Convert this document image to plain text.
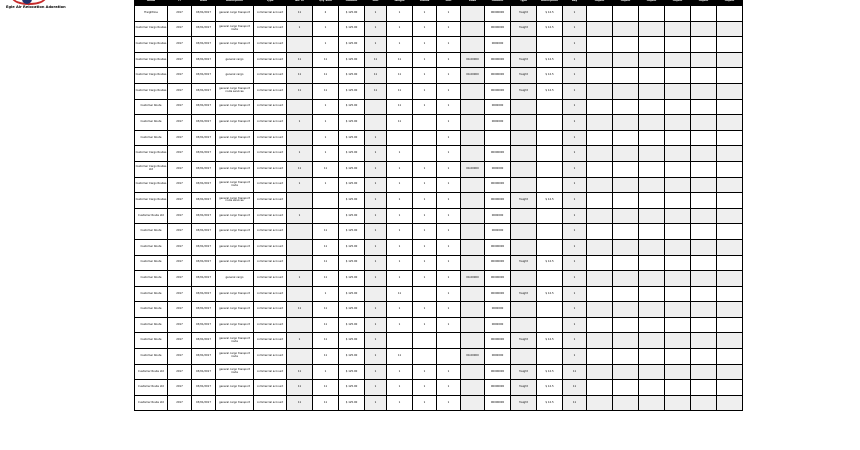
Egle Air Relocation Adoration
Name	Yr	Date	Description	Type	No. of	Qty Sold	Amount	Unit	Weight	Status	Unit	Load	Amount	Type	Description	Bay	Adjust	Adjust	Adjust	Adjust	Adjust	Adjust
Freightline	2017	03/01/2017	general cargo transport	commercial account	11	2	$ 125.00	1	1	1	1		00000000	freight	$ 12.5	1						
Customer Cargo Routes	2017	03/01/2017	general cargo transport route	commercial account	1	1	$ 125.00	1	1	1	1		00000000	freight	$ 12.5	1						
Customer Cargo Routes	2017	03/01/2017	general cargo transport	commercial account		1	$ 125.00	1	1	1	1		0000000			1						
Customer Cargo Routes	2017	03/01/2017	general cargo	commercial account	11	11	$ 125.00	11	11	1	1	00-00000	00000000	freight	$ 12.5	1						
Customer Cargo Routes	2017	03/01/2017	general cargo	commercial account	11	11	$ 125.00	11	11	1	1	00-00000	00000000	freight	$ 12.5	1						
Customer Cargo Routes	2017	03/01/2017	general cargo transport route services	commercial account	11	11	$ 125.00	11	11	1	1		00000000	freight	$ 12.5	1						
Customer Route	2017	03/01/2017	general cargo transport	commercial account		1	$ 125.00		11	1	1		0000000			1						
Customer Route	2017	03/01/2017	general cargo transport	commercial account	1	1	$ 125.00		11		1		0000000			1						
Customer Route	2017	03/01/2017	general cargo transport	commercial account		1	$ 125.00	1			1					1						
Customer Cargo Routes	2017	03/01/2017	general cargo transport	commercial account	1	1	$ 125.00	1	1		1		00000000			1						
Customer Cargo Routes Ltd	2017	03/01/2017	general cargo transport	commercial account	11	11	$ 125.00	1	1	1	1	00-00000	0000000			1						
Customer Cargo Routes	2017	03/01/2017	general cargo transport route	commercial account	1	1	$ 125.00	1	1	1	1		00000000			1						
Customer Cargo Routes	2017	03/01/2017	general cargo transport route services	commercial account			$ 125.00	1	1	1	1		00000000	freight	$ 12.5	1						
Customer Route Ltd	2017	03/01/2017	general cargo transport	commercial account	1		$ 125.00	1	1	1	1		0000000			1						
Customer Route	2017	03/01/2017	general cargo transport	commercial account		11	$ 125.00	1	1	1	1		0000000			1						
Customer Route	2017	03/01/2017	general cargo transport	commercial account		11	$ 125.00	1	1	1	1		00000000			1						
Customer Route	2017	03/01/2017	general cargo transport	commercial account		11	$ 125.00	1	1	1	1		00000000	freight	$ 12.5	1						
Customer Route	2017	03/01/2017	general cargo	commercial account	1	11	$ 125.00	1	1	1	1	00-00000	00000000			1						
Customer Route	2017	03/01/2017	general cargo transport	commercial account		1	$ 125.00		11		1		00000000	freight	$ 12.5	1						
Customer Route	2017	03/01/2017	general cargo transport	commercial account	11	11	$ 125.00	1	1	1	1		0000000			1						
Customer Route	2017	03/01/2017	general cargo transport	commercial account		11	$ 125.00	1	1	1	1		0000000			1						
Customer Route	2017	03/01/2017	general cargo transport route	commercial account	1	11	$ 125.00	1					00000000	freight	$ 12.5	1						
Customer Route	2017	03/01/2017	general cargo transport route	commercial account		11	$ 125.00	1	11			00-00000	0000000			1						
Customer Route Ltd	2017	03/01/2017	general cargo transport route	commercial account	11	1	$ 125.00	1	1	1	1		00000000	freight	$ 12.5	11						
Customer Route Ltd	2017	03/01/2017	general cargo transport	commercial account	11	11	$ 125.00	1	1	1	1		00000000	freight	$ 12.5	11						
Customer Route Ltd	2017	03/01/2017	general cargo transport	commercial account	11	11	$ 125.00	1	1	1	1		00000000	freight	$ 12.5	11						
